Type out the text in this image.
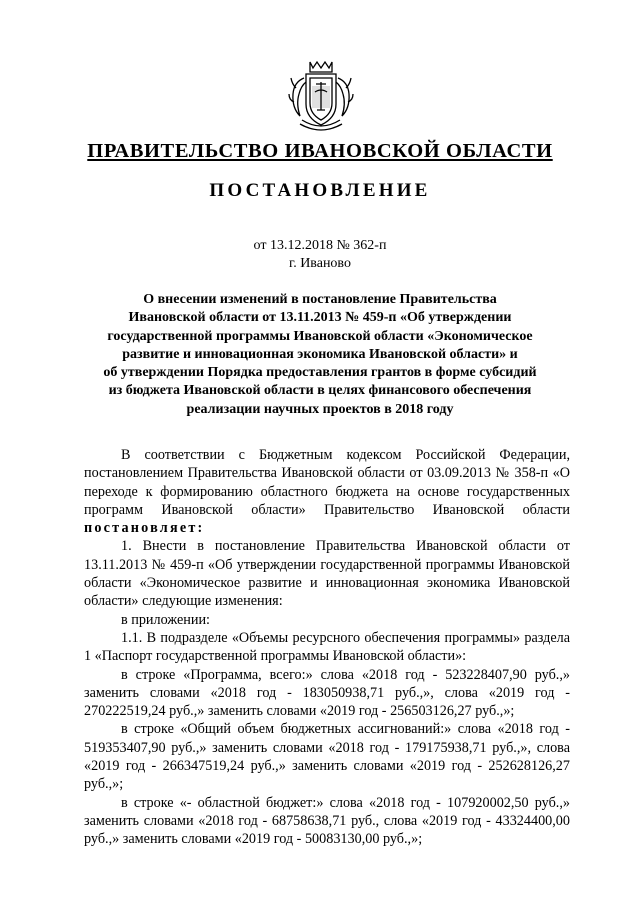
ПРАВИТЕЛЬСТВО ИВАНОВСКОЙ ОБЛАСТИ
ПОСТАНОВЛЕНИЕ
от 13.12.2018 № 362-п
г. Иваново
О внесении изменений в постановление Правительства
Ивановской области от 13.11.2013 № 459-п «Об утверждении
государственной программы Ивановской области «Экономическое
развитие и инновационная экономика Ивановской области» и
об утверждении Порядка предоставления грантов в форме субсидий
из бюджета Ивановской области в целях финансового обеспечения
реализации научных проектов в 2018 году

В соответствии с Бюджетным кодексом Российской Федерации, постановлением Правительства Ивановской области от 03.09.2013 № 358-п «О переходе к формированию областного бюджета на основе государственных программ Ивановской области» Правительство Ивановской области постановляет:

1. Внести в постановление Правительства Ивановской области от 13.11.2013 № 459-п «Об утверждении государственной программы Ивановской области «Экономическое развитие и инновационная экономика Ивановской области» следующие изменения:

в приложении:

1.1. В подразделе «Объемы ресурсного обеспечения программы» раздела 1 «Паспорт государственной программы Ивановской области»:

в строке «Программа, всего:» слова «2018 год - 523228407,90 руб.,» заменить словами «2018 год - 183050938,71 руб.,», слова «2019 год - 270222519,24 руб.,» заменить словами «2019 год - 256503126,27 руб.,»;

в строке «Общий объем бюджетных ассигнований:» слова «2018 год - 519353407,90 руб.,» заменить словами «2018 год - 179175938,71 руб.,», слова «2019 год - 266347519,24 руб.,» заменить словами «2019 год - 252628126,27 руб.,»;

в строке «- областной бюджет:» слова «2018 год - 107920002,50 руб.,» заменить словами «2018 год - 68758638,71 руб., слова «2019 год - 43324400,00 руб.,» заменить словами «2019 год - 50083130,00 руб.,»;
